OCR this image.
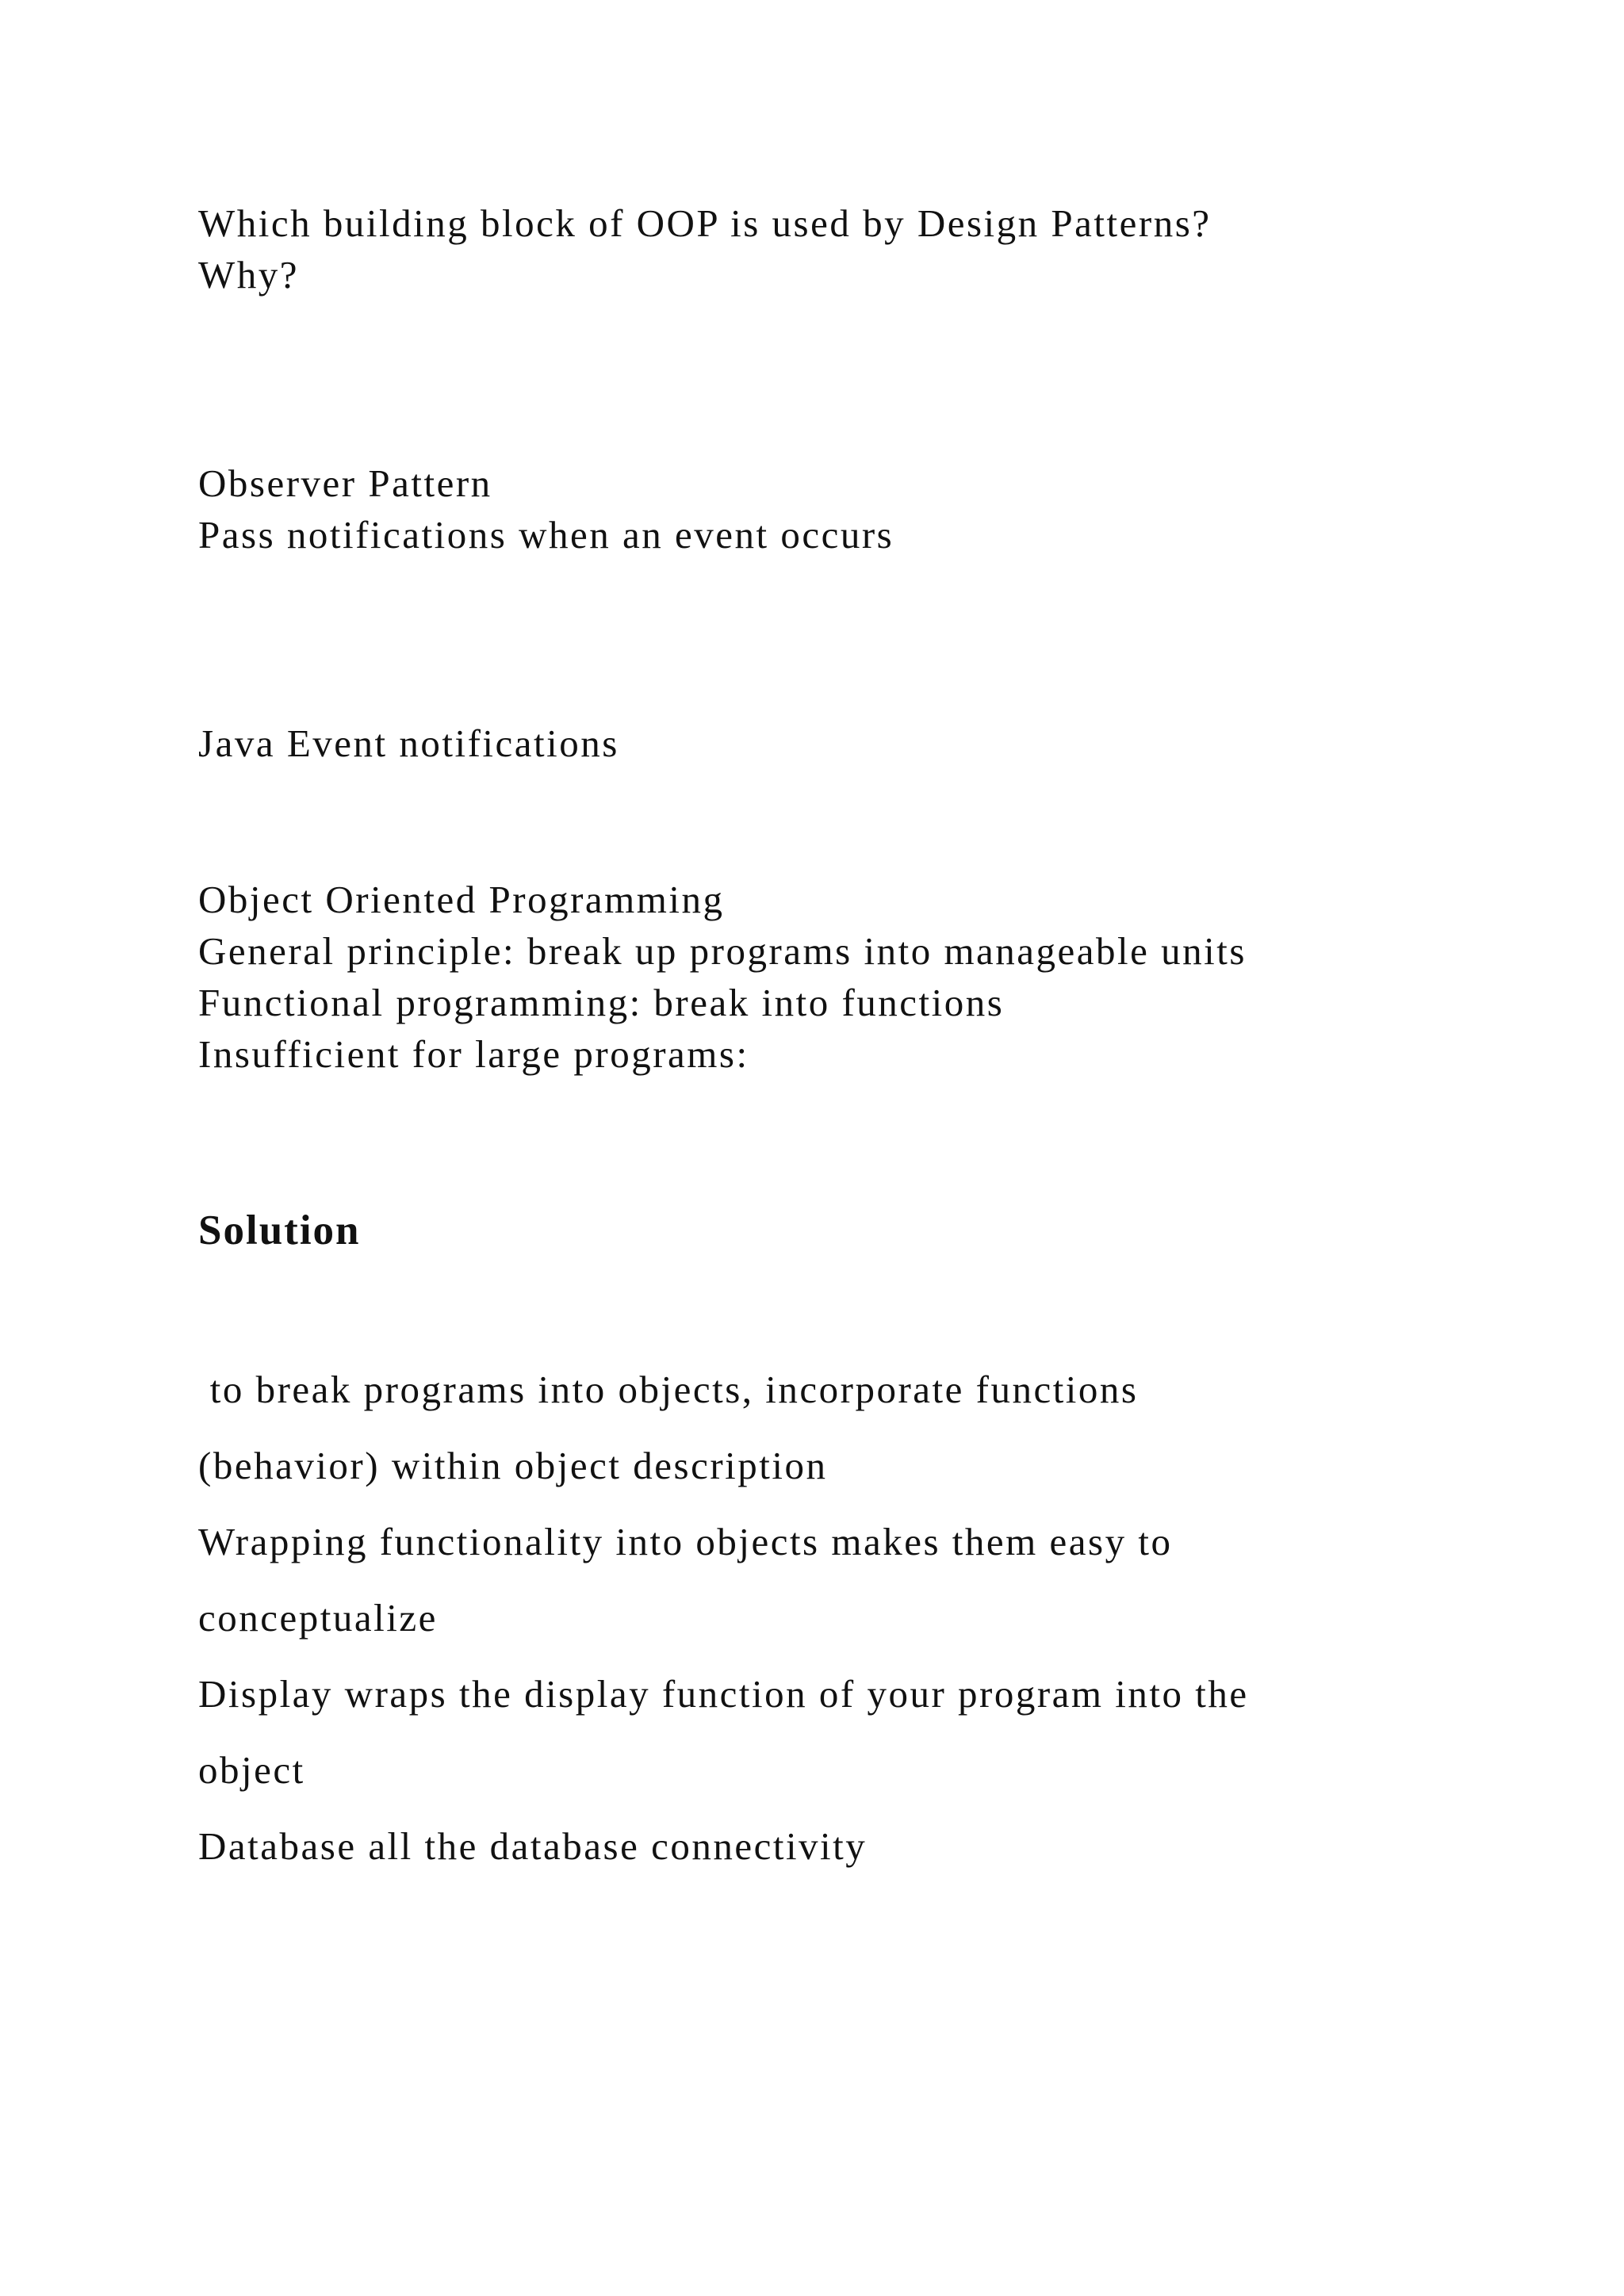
Which building block of OOP is used by Design Patterns?
Why?
Observer Pattern
Pass notifications when an event occurs
Java Event notifications
Object Oriented Programming
General principle: break up programs into manageable units
Functional programming: break into functions
Insufficient for large programs:
Solution
to break programs into objects, incorporate functions
(behavior) within object description
Wrapping functionality into objects makes them easy to
conceptualize
Display wraps the display function of your program into the
object
Database all the database connectivity
